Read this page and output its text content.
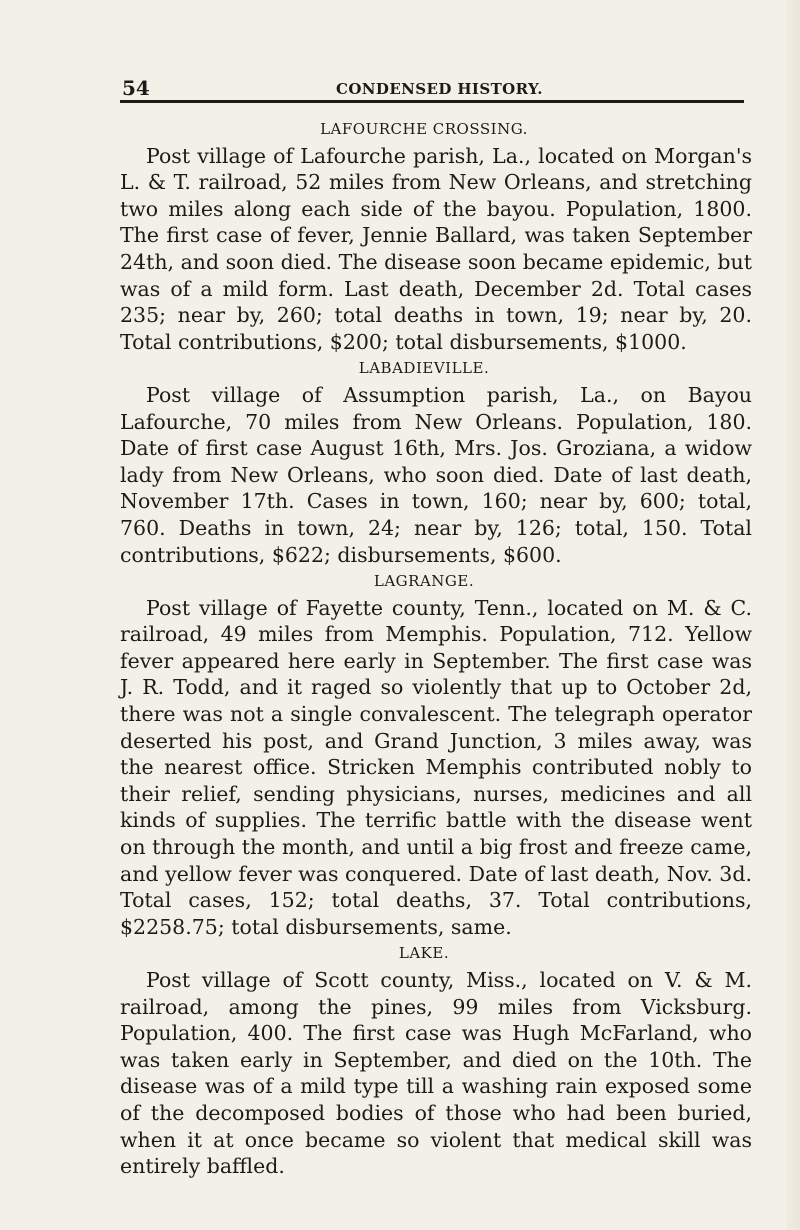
54	CONDENSED HISTORY.
LAFOURCHE CROSSING.

Post village of Lafourche parish, La., located on Morgan's L. & T. railroad, 52 miles from New Orleans, and stretching two miles along each side of the bayou. Population, 1800. The first case of fever, Jennie Ballard, was taken September 24th, and soon died. The disease soon became epidemic, but was of a mild form. Last death, December 2d. Total cases 235; near by, 260; total deaths in town, 19; near by, 20. Total contributions, $200; total disbursements, $1000.

LABADIEVILLE.

Post village of Assumption parish, La., on Bayou Lafourche, 70 miles from New Orleans. Population, 180. Date of first case August 16th, Mrs. Jos. Groziana, a widow lady from New Orleans, who soon died. Date of last death, November 17th. Cases in town, 160; near by, 600; total, 760. Deaths in town, 24; near by, 126; total, 150. Total contributions, $622; disbursements, $600.

LAGRANGE.

Post village of Fayette county, Tenn., located on M. & C. railroad, 49 miles from Memphis. Population, 712. Yellow fever appeared here early in September. The first case was J. R. Todd, and it raged so violently that up to October 2d, there was not a single convalescent. The telegraph operator deserted his post, and Grand Junction, 3 miles away, was the nearest office. Stricken Memphis contributed nobly to their relief, sending physicians, nurses, medicines and all kinds of supplies. The terrific battle with the disease went on through the month, and until a big frost and freeze came, and yellow fever was conquered. Date of last death, Nov. 3d. Total cases, 152; total deaths, 37. Total contributions, $2258.75; total disbursements, same.

LAKE.

Post village of Scott county, Miss., located on V. & M. railroad, among the pines, 99 miles from Vicksburg. Population, 400. The first case was Hugh McFarland, who was taken early in September, and died on the 10th. The disease was of a mild type till a washing rain exposed some of the decomposed bodies of those who had been buried, when it at once became so violent that medical skill was entirely baffled.
